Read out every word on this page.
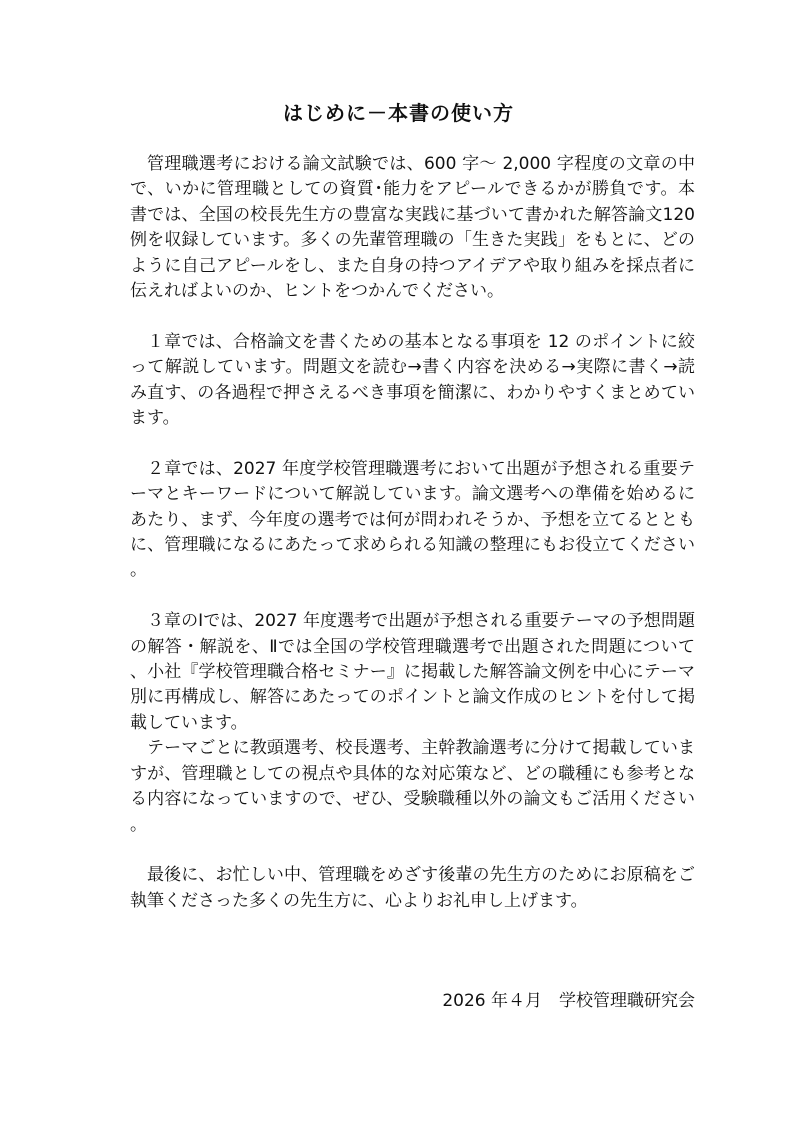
はじめに－本書の使い方

管理職選考における論文試験では、600 字～ 2,000 字程度の文章の中で、いかに管理職としての資質･能力をアピールできるかが勝負です。本書では、全国の校長先生方の豊富な実践に基づいて書かれた解答論文120 例を収録しています。多くの先輩管理職の「生きた実践」をもとに、どのように自己アピールをし、また自身の持つアイデアや取り組みを採点者に伝えればよいのか、ヒントをつかんでください。

１章では、合格論文を書くための基本となる事項を 12 のポイントに絞って解説しています。問題文を読む→書く内容を決める→実際に書く→読み直す、の各過程で押さえるべき事項を簡潔に、わかりやすくまとめています。

２章では、2027 年度学校管理職選考において出題が予想される重要テーマとキーワードについて解説しています。論文選考への準備を始めるにあたり、まず、今年度の選考では何が問われそうか、予想を立てるとともに、管理職になるにあたって求められる知識の整理にもお役立てください。

３章のⅠでは、2027 年度選考で出題が予想される重要テーマの予想問題の解答・解説を、Ⅱでは全国の学校管理職選考で出題された問題について、小社『学校管理職合格セミナー』に掲載した解答論文例を中心にテーマ別に再構成し、解答にあたってのポイントと論文作成のヒントを付して掲載しています。

テーマごとに教頭選考、校長選考、主幹教諭選考に分けて掲載していますが、管理職としての視点や具体的な対応策など、どの職種にも参考となる内容になっていますので、ぜひ、受験職種以外の論文もご活用ください。

最後に、お忙しい中、管理職をめざす後輩の先生方のためにお原稿をご執筆くださった多くの先生方に、心よりお礼申し上げます。

2026 年４月 学校管理職研究会
